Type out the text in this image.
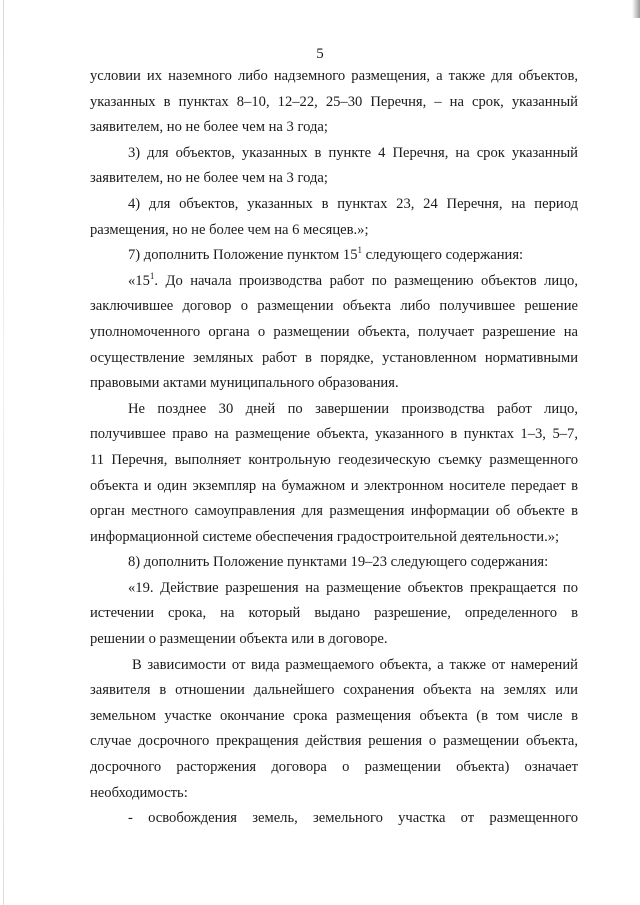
5
условии их наземного либо надземного размещения, а также для объектов,
указанных в пунктах 8–10, 12–22, 25–30 Перечня, – на срок, указанный
заявителем, но не более чем на 3 года;
3) для объектов, указанных в пункте 4 Перечня, на срок указанный
заявителем, но не более чем на 3 года;
4) для объектов, указанных в пунктах 23, 24 Перечня, на период
размещения, но не более чем на 6 месяцев.»;
7) дополнить Положение пунктом $15^1$ следующего содержания:
«$15^1$. До начала производства работ по размещению объектов лицо,
заключившее договор о размещении объекта либо получившее решение
уполномоченного органа о размещении объекта, получает разрешение на
осуществление земляных работ в порядке, установленном нормативными
правовыми актами муниципального образования.
Не позднее 30 дней по завершении производства работ лицо,
получившее право на размещение объекта, указанного в пунктах 1–3, 5–7,
11 Перечня, выполняет контрольную геодезическую съемку размещенного
объекта и один экземпляр на бумажном и электронном носителе передает в
орган местного самоуправления для размещения информации об объекте в
информационной системе обеспечения градостроительной деятельности.»;
8) дополнить Положение пунктами 19–23 следующего содержания:
«19. Действие разрешения на размещение объектов прекращается по
истечении срока, на который выдано разрешение, определенного в
решении о размещении объекта или в договоре.
В зависимости от вида размещаемого объекта, а также от намерений
заявителя в отношении дальнейшего сохранения объекта на землях или
земельном участке окончание срока размещения объекта (в том числе в
случае досрочного прекращения действия решения о размещении объекта,
досрочного расторжения договора о размещении объекта) означает
необходимость:
- освобождения земель, земельного участка от размещенного
